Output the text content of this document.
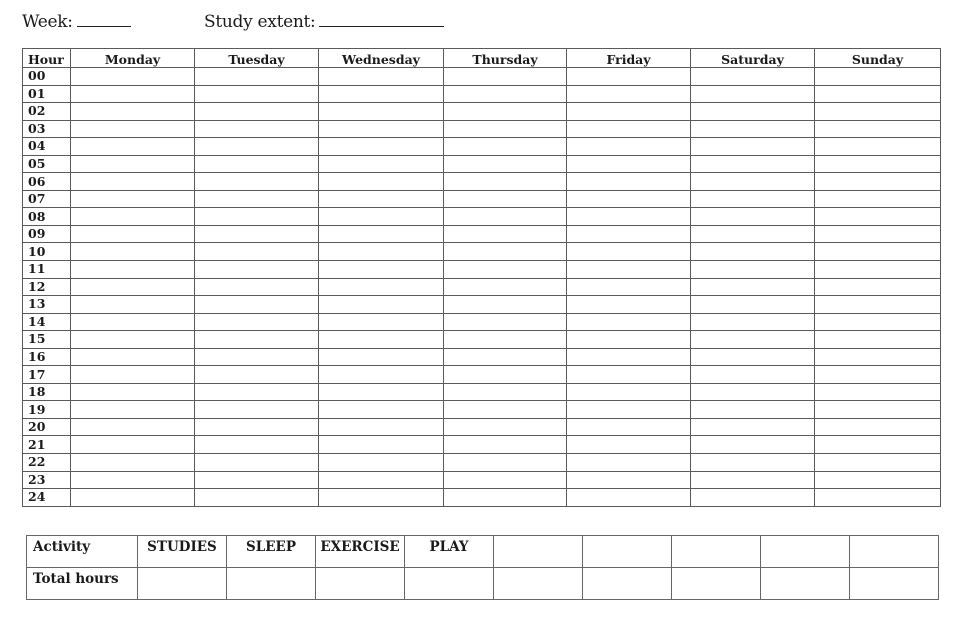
Week:	Study extent:
Hour	Monday	Tuesday	Wednesday	Thursday	Friday	Saturday	Sunday
00							
01							
02							
03							
04							
05							
06							
07							
08							
09							
10							
11							
12							
13							
14							
15							
16							
17							
18							
19							
20							
21							
22							
23							
24							
Activity	STUDIES	SLEEP	EXERCISE	PLAY					
Total hours									
